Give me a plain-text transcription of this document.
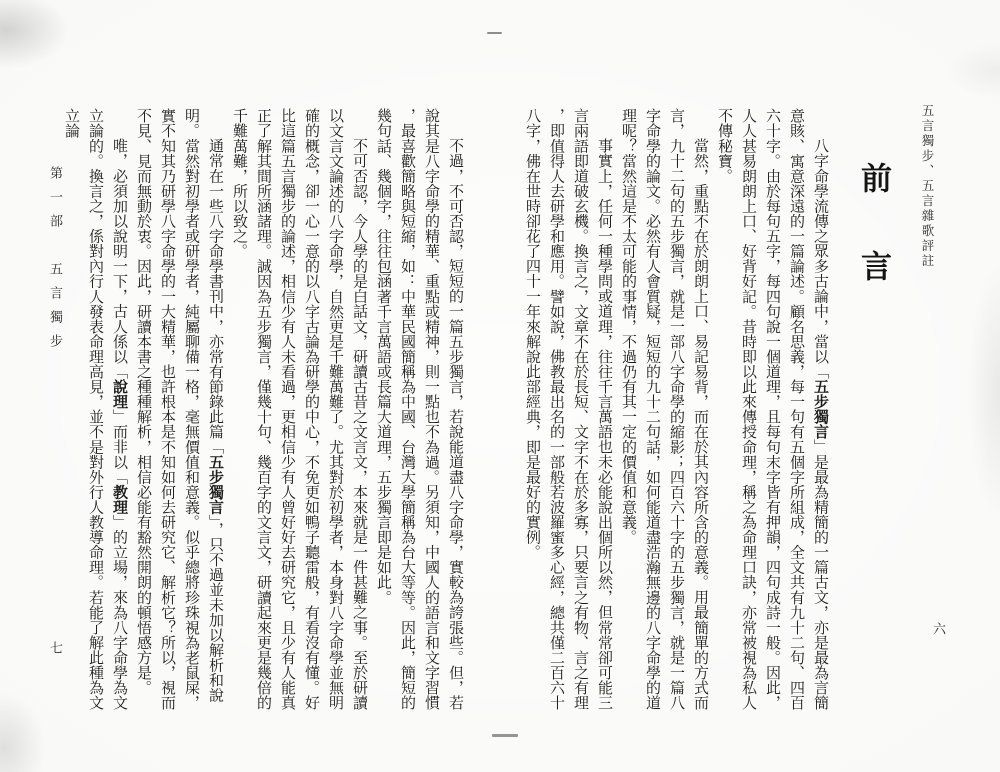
五言獨步、五言雜歌評註
前言

八字命學流傳之眾多古論中，當以「五步獨言」是最為精簡的一篇古文，亦是最為言簡意賅、寓意深遠的一篇論述。顧名思義，每一句有五個字所組成，全文共有九十二句、四百六十字。由於每句五字，每四句說一個道理，且每句末字皆有押韻，四句成詩一般。因此，人人甚易朗朗上口、好背好記。昔時即以此來傳授命理，稱之為命理口訣，亦常被視為私人不傳秘寶。

當然，重點不在於朗朗上口、易記易背，而在於其內容所含的意義。用最簡單的方式而言，九十二句的五步獨言，就是一部八字命學的縮影；四百六十字的五步獨言，就是一篇八字命學的論文。必然有人會質疑，短短的九十二句話，如何能道盡浩瀚無邊的八字命學的道理呢？當然這是不太可能的事情，不過仍有其一定的價值和意義。

事實上，任何一種學問或道理，往往千言萬語也未必能說出個所以然，但常常卻可能三言兩語即道破玄機。換言之，文章不在於長短、文字不在於多寡，只要言之有物、言之有理，即值得人去研學和應用。譬如說，佛教最出名的一部般若波羅蜜多心經，總共僅二百六十八字，佛在世時卻花了四十一年來解說此部經典，即是最好的實例。

六
第一部　五言獨步	不過，不可否認，短短的一篇五步獨言，若說能道盡八字命學，實較為誇張些。但，若說其是八字命學的精華、重點或精神，則一點也不為過。另須知，中國人的語言和文字習慣，最喜歡簡略與短縮，如：中華民國簡稱為中國、台灣大學簡稱為台大等等。因此，簡短的幾句話、幾個字，往往包涵著千言萬語或長篇大道理，五步獨言即是如此。

不可否認，今人學的是白話文，研讀古昔之文言文，本來就是一件甚難之事。至於研讀以文言文論述的八字命學，自然更是千難萬難了。尤其對於初學者，本身對八字命學並無明確的概念，卻一心一意的以八字古論為研學的中心，不免更如鴨子聽雷般，有看沒有懂。好比這篇五言獨步的論述，相信少有人未看過，更相信少有人曾好好去研究它，且少有人能真正了解其間所涵諸理。誠因為五步獨言，僅幾十句、幾百字的文言文，研讀起來更是幾倍的千難萬難，所以致之。

通常在一些八字命學書刊中，亦常有節錄此篇「五步獨言」，只不過並未加以解析和說明。當然對初學者或研學者，純屬聊備一格，毫無價值和意義。似乎總將珍珠視為老鼠屎，實不知其乃研學八字命學的一大精華，也許根本是不知如何去研究它、解析它？所以，視而不見、見而無動於衷。因此，研讀本書之種種解析，相信必能有豁然開朗的頓悟感方是。

唯，必須加以說明一下，古人係以「說理」而非以「教理」的立場，來為八字命學為文立論的。換言之，係對內行人發表命理高見，並不是對外行人教導命理。若能了解此種為文立論

七
